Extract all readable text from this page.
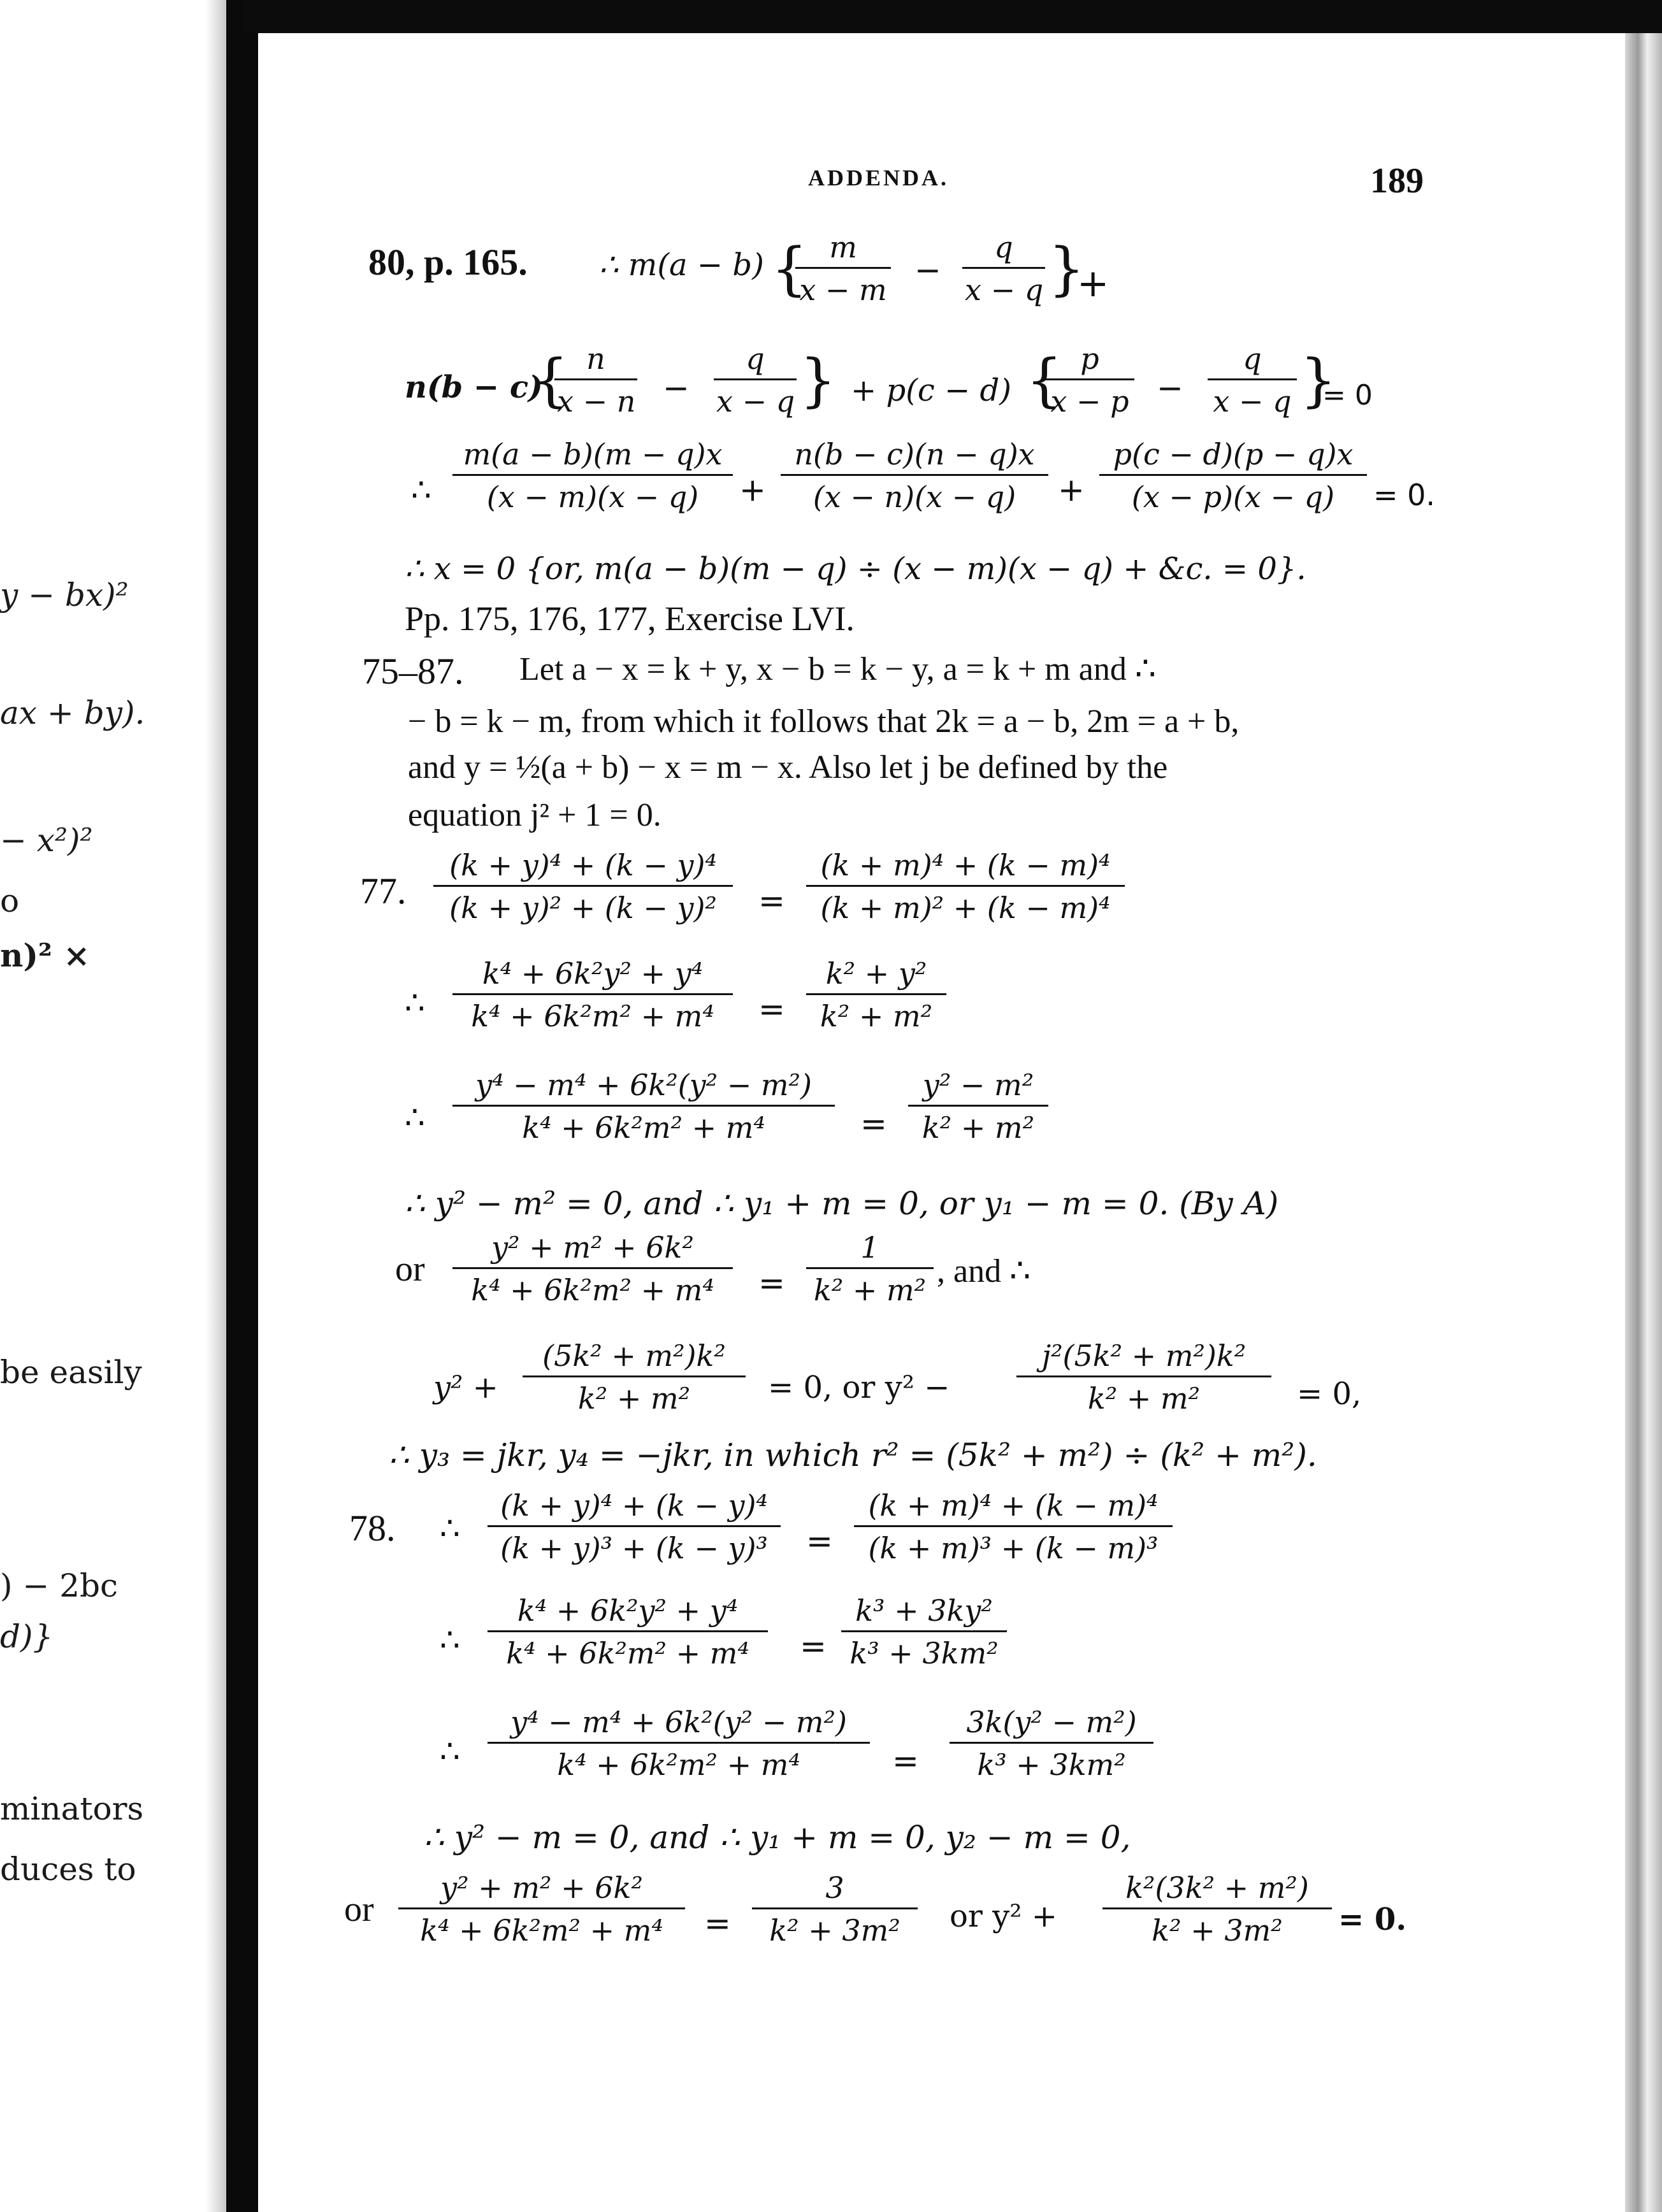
y − bx)²
ax + by).
− x²)²
o
n)² ×
be easily
) − 2bc
d)}
minators
duces to
ADDENDA.	189
80, p. 165. ∴ m(a − b) {
$\frac{m}{x - m} - \frac{q}{x - q}$ }
+
n(b − c)
{
$\frac{n}{x - n} - \frac{q}{x - q}$ } + p(c − d) {
$\frac{p}{x - p} - \frac{q}{x - q}$ }
= 0
∴ $\frac{m(a - b)(m - q)x}{(x - m)(x - q)} + \frac{n(b - c)(n - q)x}{(x - n)(x - q)} + \frac{p(c - d)(p - q)x}{(x - p)(x - q)} = 0$.
∴ x = 0 {or, m(a − b)(m − q) ÷ (x − m)(x − q) + &c. = 0}.
Pp. 175, 176, 177, Exercise LVI.
75–87. Let a − x = k + y, x − b = k − y, a = k + m and ∴
− b = k − m, from which it follows that 2k = a − b, 2m = a + b,
and y = ½(a + b) − x = m − x. Also let j be defined by the
equation j² + 1 = 0.
77. $\frac{\text{(k + y)⁴ + (k − y)⁴}}{\text{(k + y)² + (k − y)²}} = \frac{\text{(k + m)⁴ + (k − m)⁴}}{\text{(k + m)² + (k − m)⁴}}$
∴ $\frac{\text{k⁴ + 6k²y² + y⁴}}{\text{k⁴ + 6k²m² + m⁴}} = \frac{\text{k² + y²}}{\text{k² + m²}}$
∴ $\frac{\text{y⁴ − m⁴ + 6k²(y² − m²)}}{\text{k⁴ + 6k²m² + m⁴}} = \frac{\text{y² − m²}}{\text{k² + m²}}$
∴ y² − m² = 0, and ∴ y₁ + m = 0, or y₁ − m = 0. (By A)
or $\frac{\text{y² + m² + 6k²}}{\text{k⁴ + 6k²m² + m⁴}} = \frac{1}{\text{k² + m²}}$ , and ∴
$y^2 + \frac{\text{(5k² + m²)k²}}{\text{k² + m²}} = 0$, or $y^2 - \frac{\text{j²(5k² + m²)k²}}{\text{k² + m²}} = 0$,
∴ y₃ = jkr, y₄ = −jkr, in which r² = (5k² + m²) ÷ (k² + m²).
78. ∴ $\frac{\text{(k + y)⁴ + (k − y)⁴}}{\text{(k + y)³ + (k − y)³}} = \frac{\text{(k + m)⁴ + (k − m)⁴}}{\text{(k + m)³ + (k − m)³}}$
∴ $\frac{\text{k⁴ + 6k²y² + y⁴}}{\text{k⁴ + 6k²m² + m⁴}} = \frac{\text{k³ + 3ky²}}{\text{k³ + 3km²}}$
∴ $\frac{\text{y⁴ − m⁴ + 6k²(y² − m²)}}{\text{k⁴ + 6k²m² + m⁴}} = \frac{\text{3k(y² − m²)}}{\text{k³ + 3km²}}$
∴ y² − m = 0, and ∴ y₁ + m = 0, y₂ − m = 0,
or $\frac{\text{y² + m² + 6k²}}{\text{k⁴ + 6k²m² + m⁴}} = \frac{3}{\text{k² + 3m²}}$ or $y^2 + \frac{\text{k²(3k² + m²)}}{\text{k² + 3m²}} = 0$.
